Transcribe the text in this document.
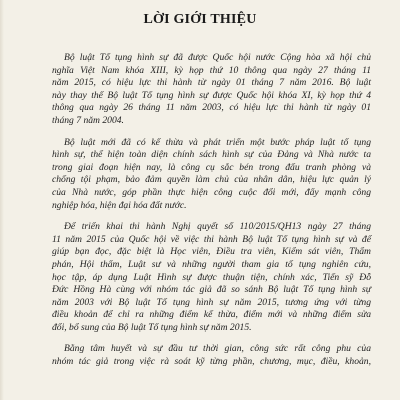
LỜI GIỚI THIỆU

Bộ luật Tố tụng hình sự đã được Quốc hội nước Cộng hòa xã hội chủ
nghĩa Việt Nam khóa XIII, kỳ họp thứ 10 thông qua ngày 27 tháng 11
năm 2015, có hiệu lực thi hành từ ngày 01 tháng 7 năm 2016. Bộ luật
này thay thế Bộ luật Tố tụng hình sự được Quốc hội khóa XI, kỳ họp thứ 4
thông qua ngày 26 tháng 11 năm 2003, có hiệu lực thi hành từ ngày 01
tháng 7 năm 2004.

Bộ luật mới đã có kế thừa và phát triển một bước pháp luật tố tụng
hình sự, thể hiện toàn diện chính sách hình sự của Đảng và Nhà nước ta
trong giai đoạn hiện nay, là công cụ sắc bén trong đấu tranh phòng và
chống tội phạm, bảo đảm quyền làm chủ của nhân dân, hiệu lực quản lý
của Nhà nước, góp phần thực hiện công cuộc đổi mới, đẩy mạnh công
nghiệp hóa, hiện đại hóa đất nước.

Để triển khai thi hành Nghị quyết số 110/2015/QH13 ngày 27 tháng
11 năm 2015 của Quốc hội về việc thi hành Bộ luật Tố tụng hình sự và để
giúp bạn đọc, đặc biệt là Học viên, Điều tra viên, Kiểm sát viên, Thẩm
phán, Hội thẩm, Luật sư và những người tham gia tố tụng nghiên cứu,
học tập, áp dụng Luật Hình sự được thuận tiện, chính xác, Tiến sỹ Đỗ
Đức Hồng Hà cùng với nhóm tác giả đã so sánh Bộ luật Tố tụng hình sự
năm 2003 với Bộ luật Tố tụng hình sự năm 2015, tương ứng với từng
điều khoản để chỉ ra những điểm kế thừa, điểm mới và những điểm sửa
đổi, bổ sung của Bộ luật Tố tụng hình sự năm 2015.

Bằng tâm huyết và sự đầu tư thời gian, công sức rất công phu của
nhóm tác giả trong việc rà soát kỹ từng phần, chương, mục, điều, khoản,
